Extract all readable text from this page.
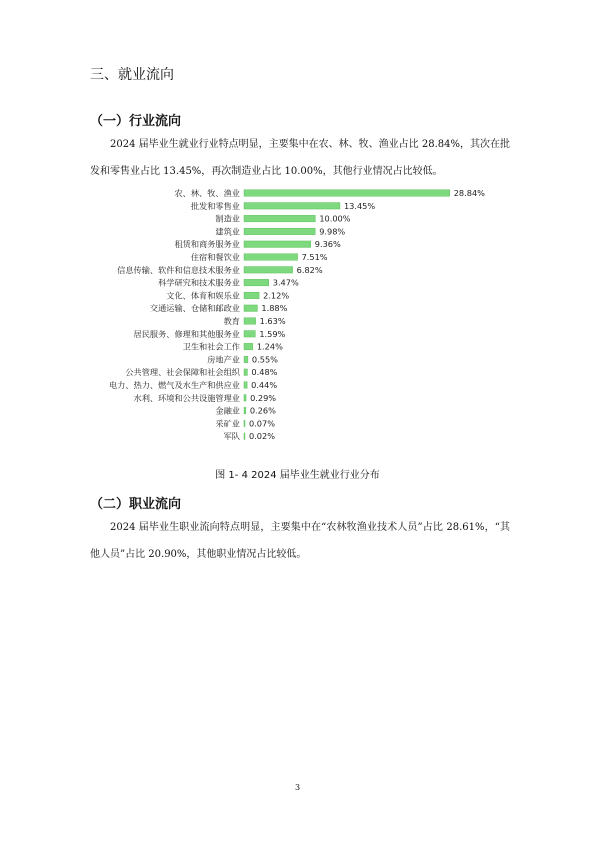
三、就业流向
（一）行业流向

2024 届毕业生就业行业特点明显，主要集中在农、林、牧、渔业占比 28.84%，其次在批发和零售业占比 13.45%，再次制造业占比 10.00%，其他行业情况占比较低。

农、林、牧、渔业	28.84%
批发和零售业	13.45%
制造业	10.00%
建筑业	9.98%
租赁和商务服务业	9.36%
住宿和餐饮业	7.51%
信息传输、软件和信息技术服务业	6.82%
科学研究和技术服务业	3.47%
文化、体育和娱乐业	2.12%
交通运输、仓储和邮政业	1.88%
教育 1.63%
居民服务、修理和其他服务业 1.59%
卫生和社会工作 1.24%
房地产业 0.55%
公共管理、社会保障和社会组织 0.48%
电力、热力、燃气及水生产和供应业 0.44%
水利、环境和公共设施管理业 0.29%
金融业 0.26%
采矿业 0.07%
军队 0.02%

图 1- 4 2024 届毕业生就业行业分布

（二）职业流向

2024 届毕业生职业流向特点明显，主要集中在“农林牧渔业技术人员”占比 28.61%，“其他人员”占比 20.90%，其他职业情况占比较低。

3
